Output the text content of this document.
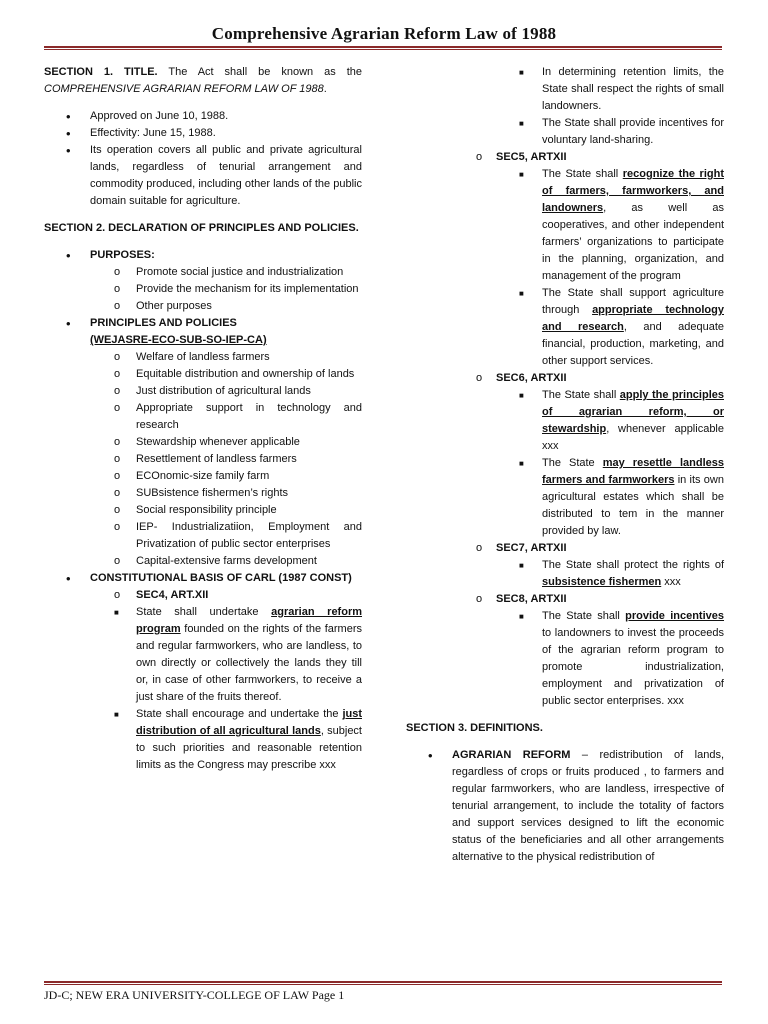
Comprehensive Agrarian Reform Law of 1988

SECTION 1. TITLE. The Act shall be known as the COMPREHENSIVE AGRARIAN REFORM LAW OF 1988.

• Approved on June 10, 1988.
• Effectivity: June 15, 1988.
• Its operation covers all public and private agricultural lands, regardless of tenurial arrangement and commodity produced, including other lands of the public domain suitable for agriculture.

SECTION 2. DECLARATION OF PRINCIPLES AND POLICIES.

• PURPOSES:
o Promote social justice and industrialization
o Provide the mechanism for its implementation
o Other purposes
• PRINCIPLES AND POLICIES
(WEJASRE-ECO-SUB-SO-IEP-CA)
o Welfare of landless farmers
o Equitable distribution and ownership of lands
o Just distribution of agricultural lands
o Appropriate support in technology and research
o Stewardship whenever applicable
o Resettlement of landless farmers
o ECOnomic-size family farm
o SUBsistence fishermen’s rights
o Social responsibility principle
o IEP- Industrializatiion, Employment and Privatization of public sector enterprises
o Capital-extensive farms development
• CONSTITUTIONAL BASIS OF CARL (1987 CONST)
o SEC4, ART.XII
■ State shall undertake agrarian reform program founded on the rights of the farmers and regular farmworkers, who are landless, to own directly or collectively the lands they till or, in case of other farmworkers, to receive a just share of the fruits thereof.
■ State shall encourage and undertake the just distribution of all agricultural lands, subject to such priorities and reasonable retention limits as the Congress may prescribe xxx
■ In determining retention limits, the State shall respect the rights of small landowners.
■ The State shall provide incentives for voluntary land-sharing.
o SEC5, ARTXII
■ The State shall recognize the right of farmers, farmworkers, and landowners, as well as cooperatives, and other independent farmers’ organizations to participate in the planning, organization, and management of the program
■ The State shall support agriculture through appropriate technology and research, and adequate financial, production, marketing, and other support services.
o SEC6, ARTXII
■ The State shall apply the principles of agrarian reform, or stewardship, whenever applicable xxx
■ The State may resettle landless farmers and farmworkers in its own agricultural estates which shall be distributed to tem in the manner provided by law.
o SEC7, ARTXII
■ The State shall protect the rights of subsistence fishermen xxx
o SEC8, ARTXII
■ The State shall provide incentives to landowners to invest the proceeds of the agrarian reform program to promote industrialization, employment and privatization of public sector enterprises. xxx

SECTION 3. DEFINITIONS.

• AGRARIAN REFORM – redistribution of lands, regardless of crops or fruits produced , to farmers and regular farmworkers, who are landless, irrespective of tenurial arrangement, to include the totality of factors and support services designed to lift the economic status of the beneficiaries and all other arrangements alternative to the physical redistribution of
JD-C; NEW ERA UNIVERSITY-COLLEGE OF LAW Page 1
